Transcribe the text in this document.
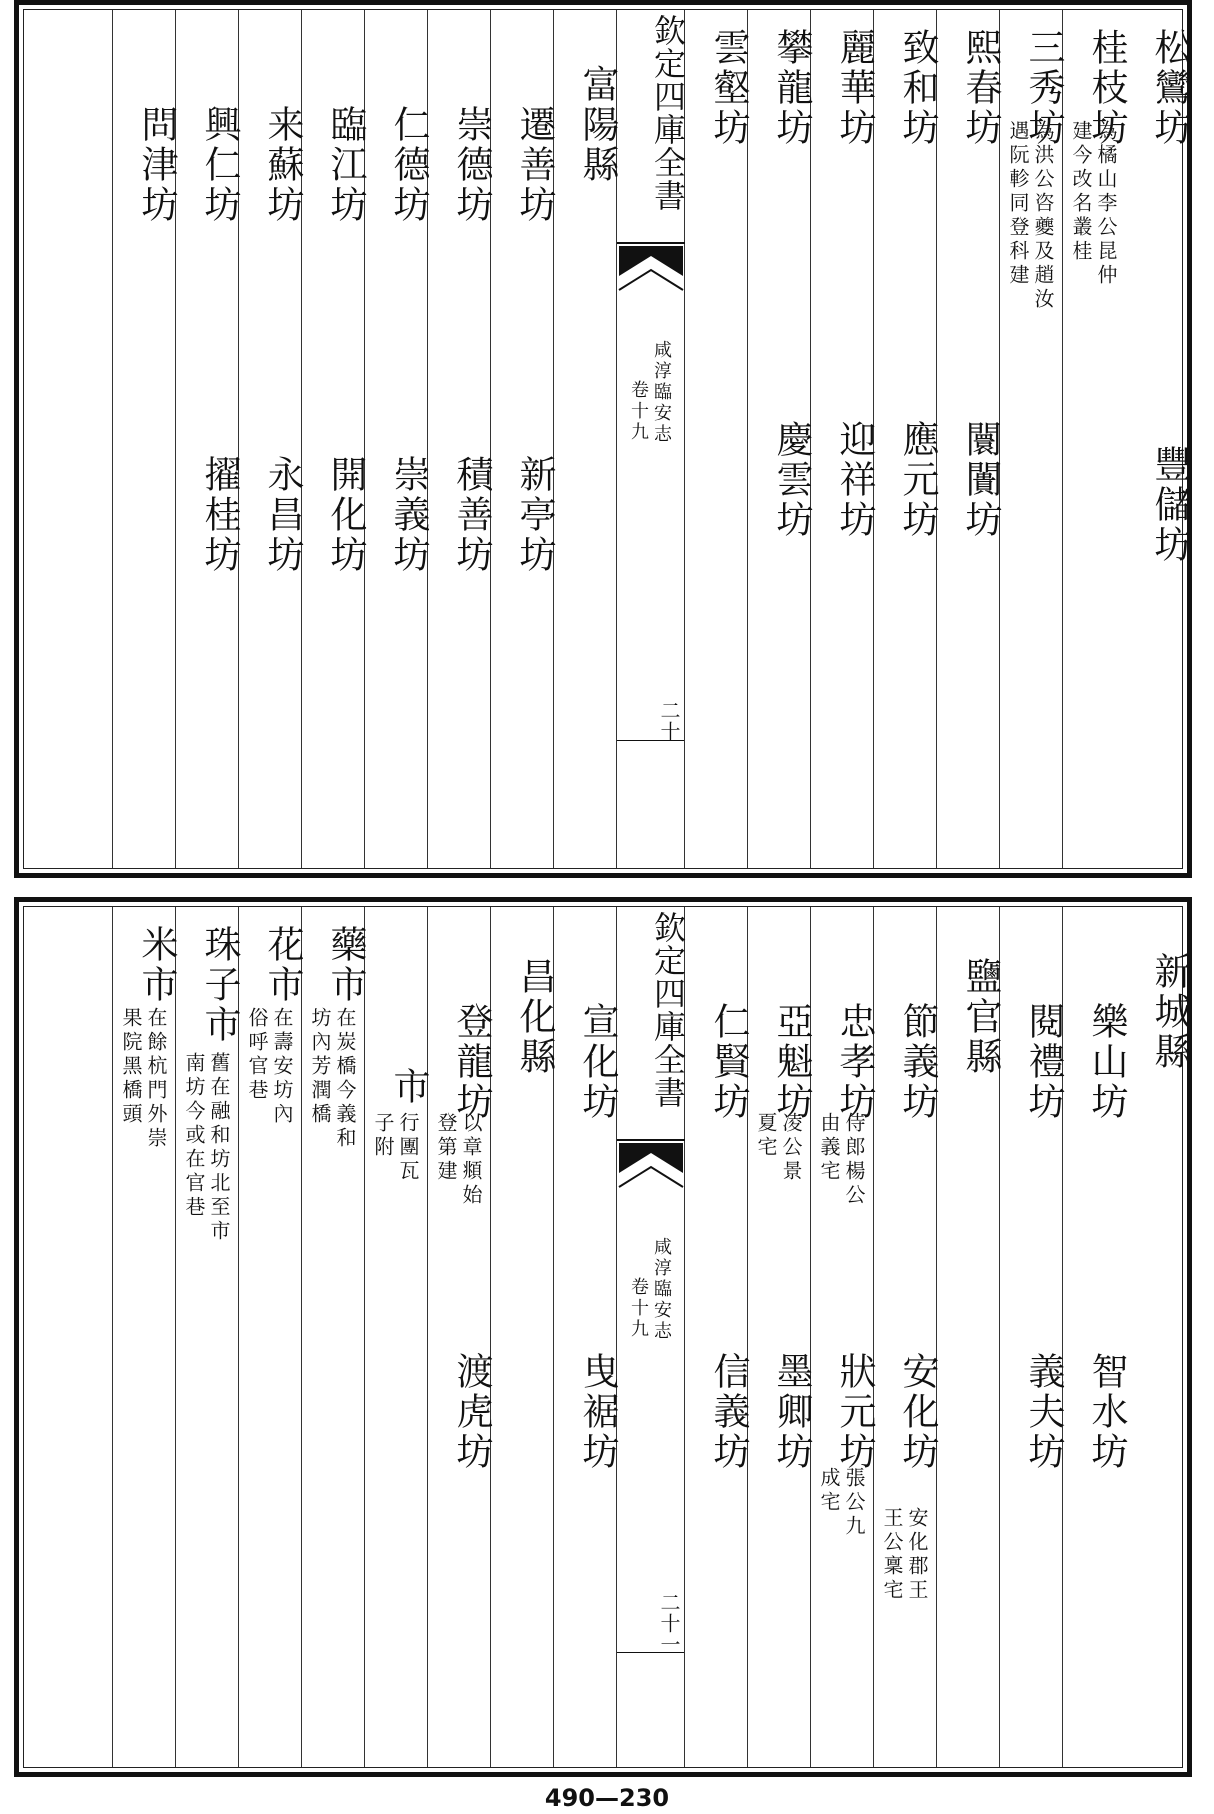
松鸞坊
豐儲坊
桂枝坊
為橘山李公昆仲
建今改名叢桂
三秀坊
為洪公咨夔及趙汝
遇阮軫同登科建
熙春坊
闤闠坊
致和坊
應元坊
麗華坊
迎祥坊
攀龍坊
慶雲坊
雲壑坊
欽定四庫全書
咸淳臨安志
卷十九
二十
富陽縣
遷善坊
新亭坊
崇德坊
積善坊
仁德坊
崇義坊
臨江坊
開化坊
来蘇坊
永昌坊
興仁坊
擢桂坊
問津坊
新城縣
樂山坊
智水坊
閱禮坊
義夫坊
鹽官縣
節義坊
安化坊
安化郡王
王公稟宅
忠孝坊
侍郎楊公
由義宅
狀元坊
張公九
成宅
亞魁坊
凌公景
夏宅
墨卿坊
仁賢坊
信義坊
欽定四庫全書
咸淳臨安志
卷十九
二十一
宣化坊
曳裾坊
昌化縣
登龍坊
以章頫始
登第建
渡虎坊
市
行團瓦
子附
藥市
在炭橋今義和
坊內芳潤橋
花市
在壽安坊內
俗呼官巷
珠子市
舊在融和坊北至市
南坊今或在官巷
米市
在餘杭門外崇
果院黑橋頭
490—230
